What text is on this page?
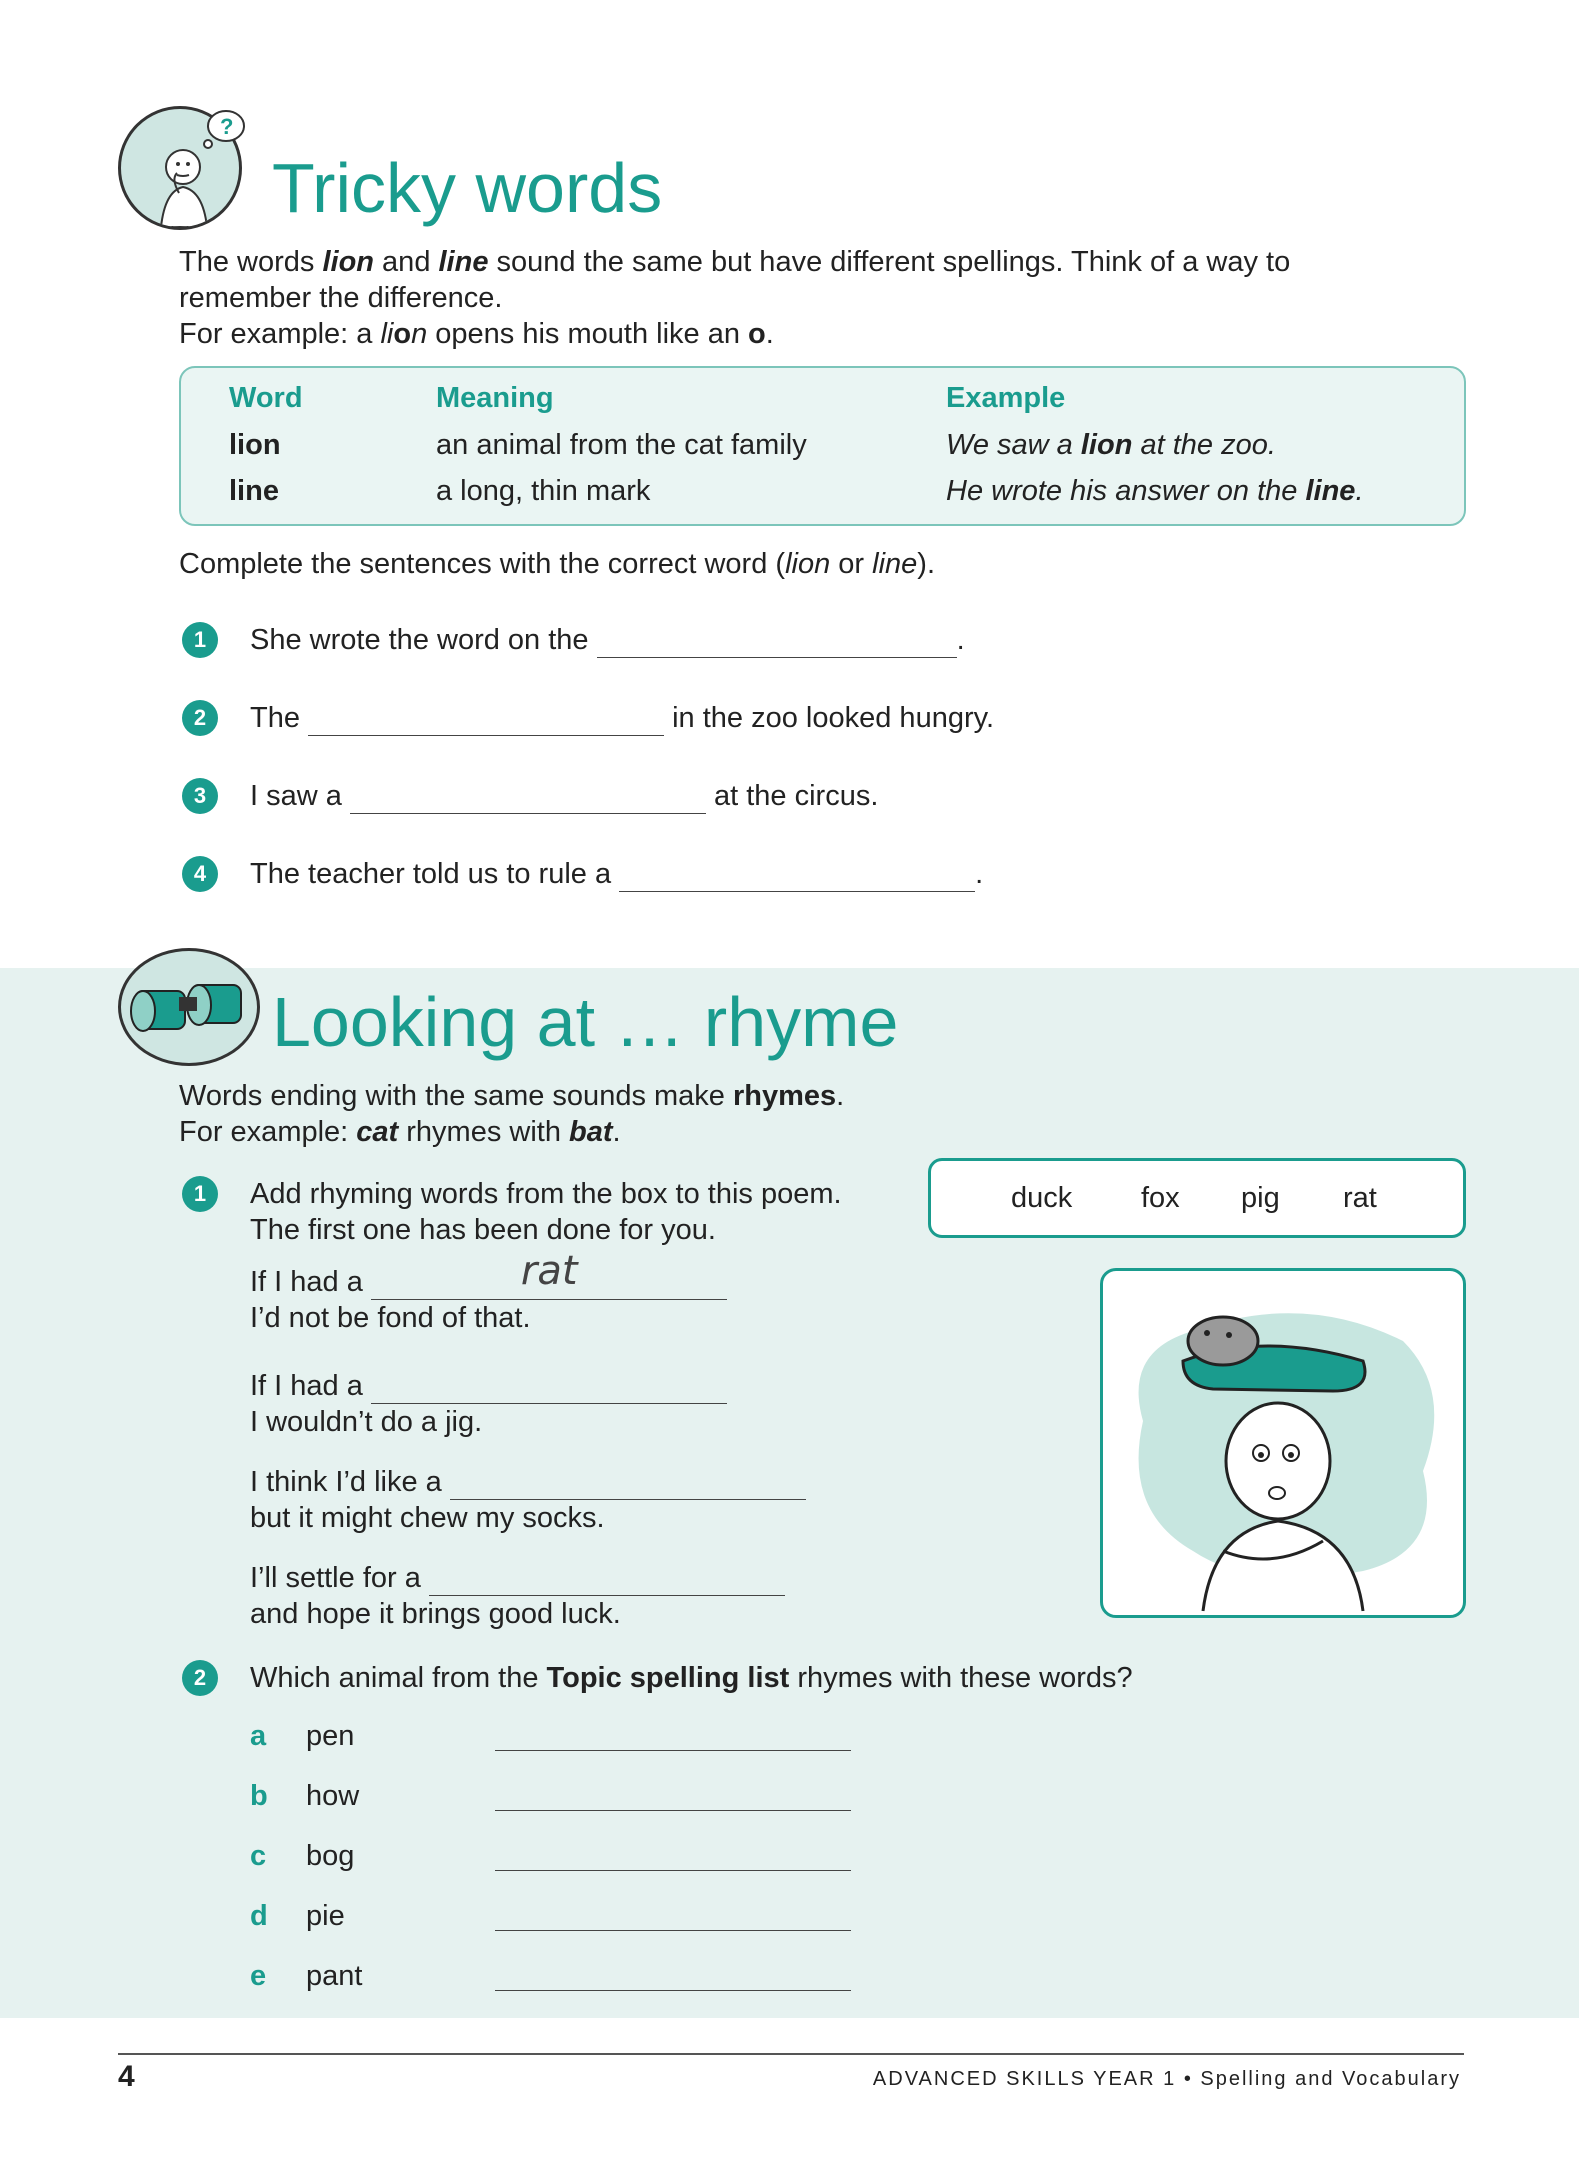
?
Tricky words
The words lion and line sound the same but have different spellings. Think of a way to remember the difference.
For example: a lion opens his mouth like an o.
Word	Meaning	Example
lion	an animal from the cat family	We saw a lion at the zoo.
line	a long, thin mark	He wrote his answer on the line.
Complete the sentences with the correct word (lion or line).
1	She wrote the word on the	.
2	The	in the zoo looked hungry.
3	I saw a	at the circus.
4	The teacher told us to rule a	.
Looking at … rhyme
Words ending with the same sounds make rhymes.
For example: cat rhymes with bat.
1	Add rhyming words from the box to this poem. The first one has been done for you.
duck fox pig rat
If I had a	rat
I’d not be fond of that.
If I had a
I wouldn’t do a jig.
I think I’d like a
but it might chew my socks.
I’ll settle for a
and hope it brings good luck.
2	Which animal from the Topic spelling list rhymes with these words?
a pen
b how
c bog
d pie
e pant
4	ADVANCED SKILLS YEAR 1 • Spelling and Vocabulary
